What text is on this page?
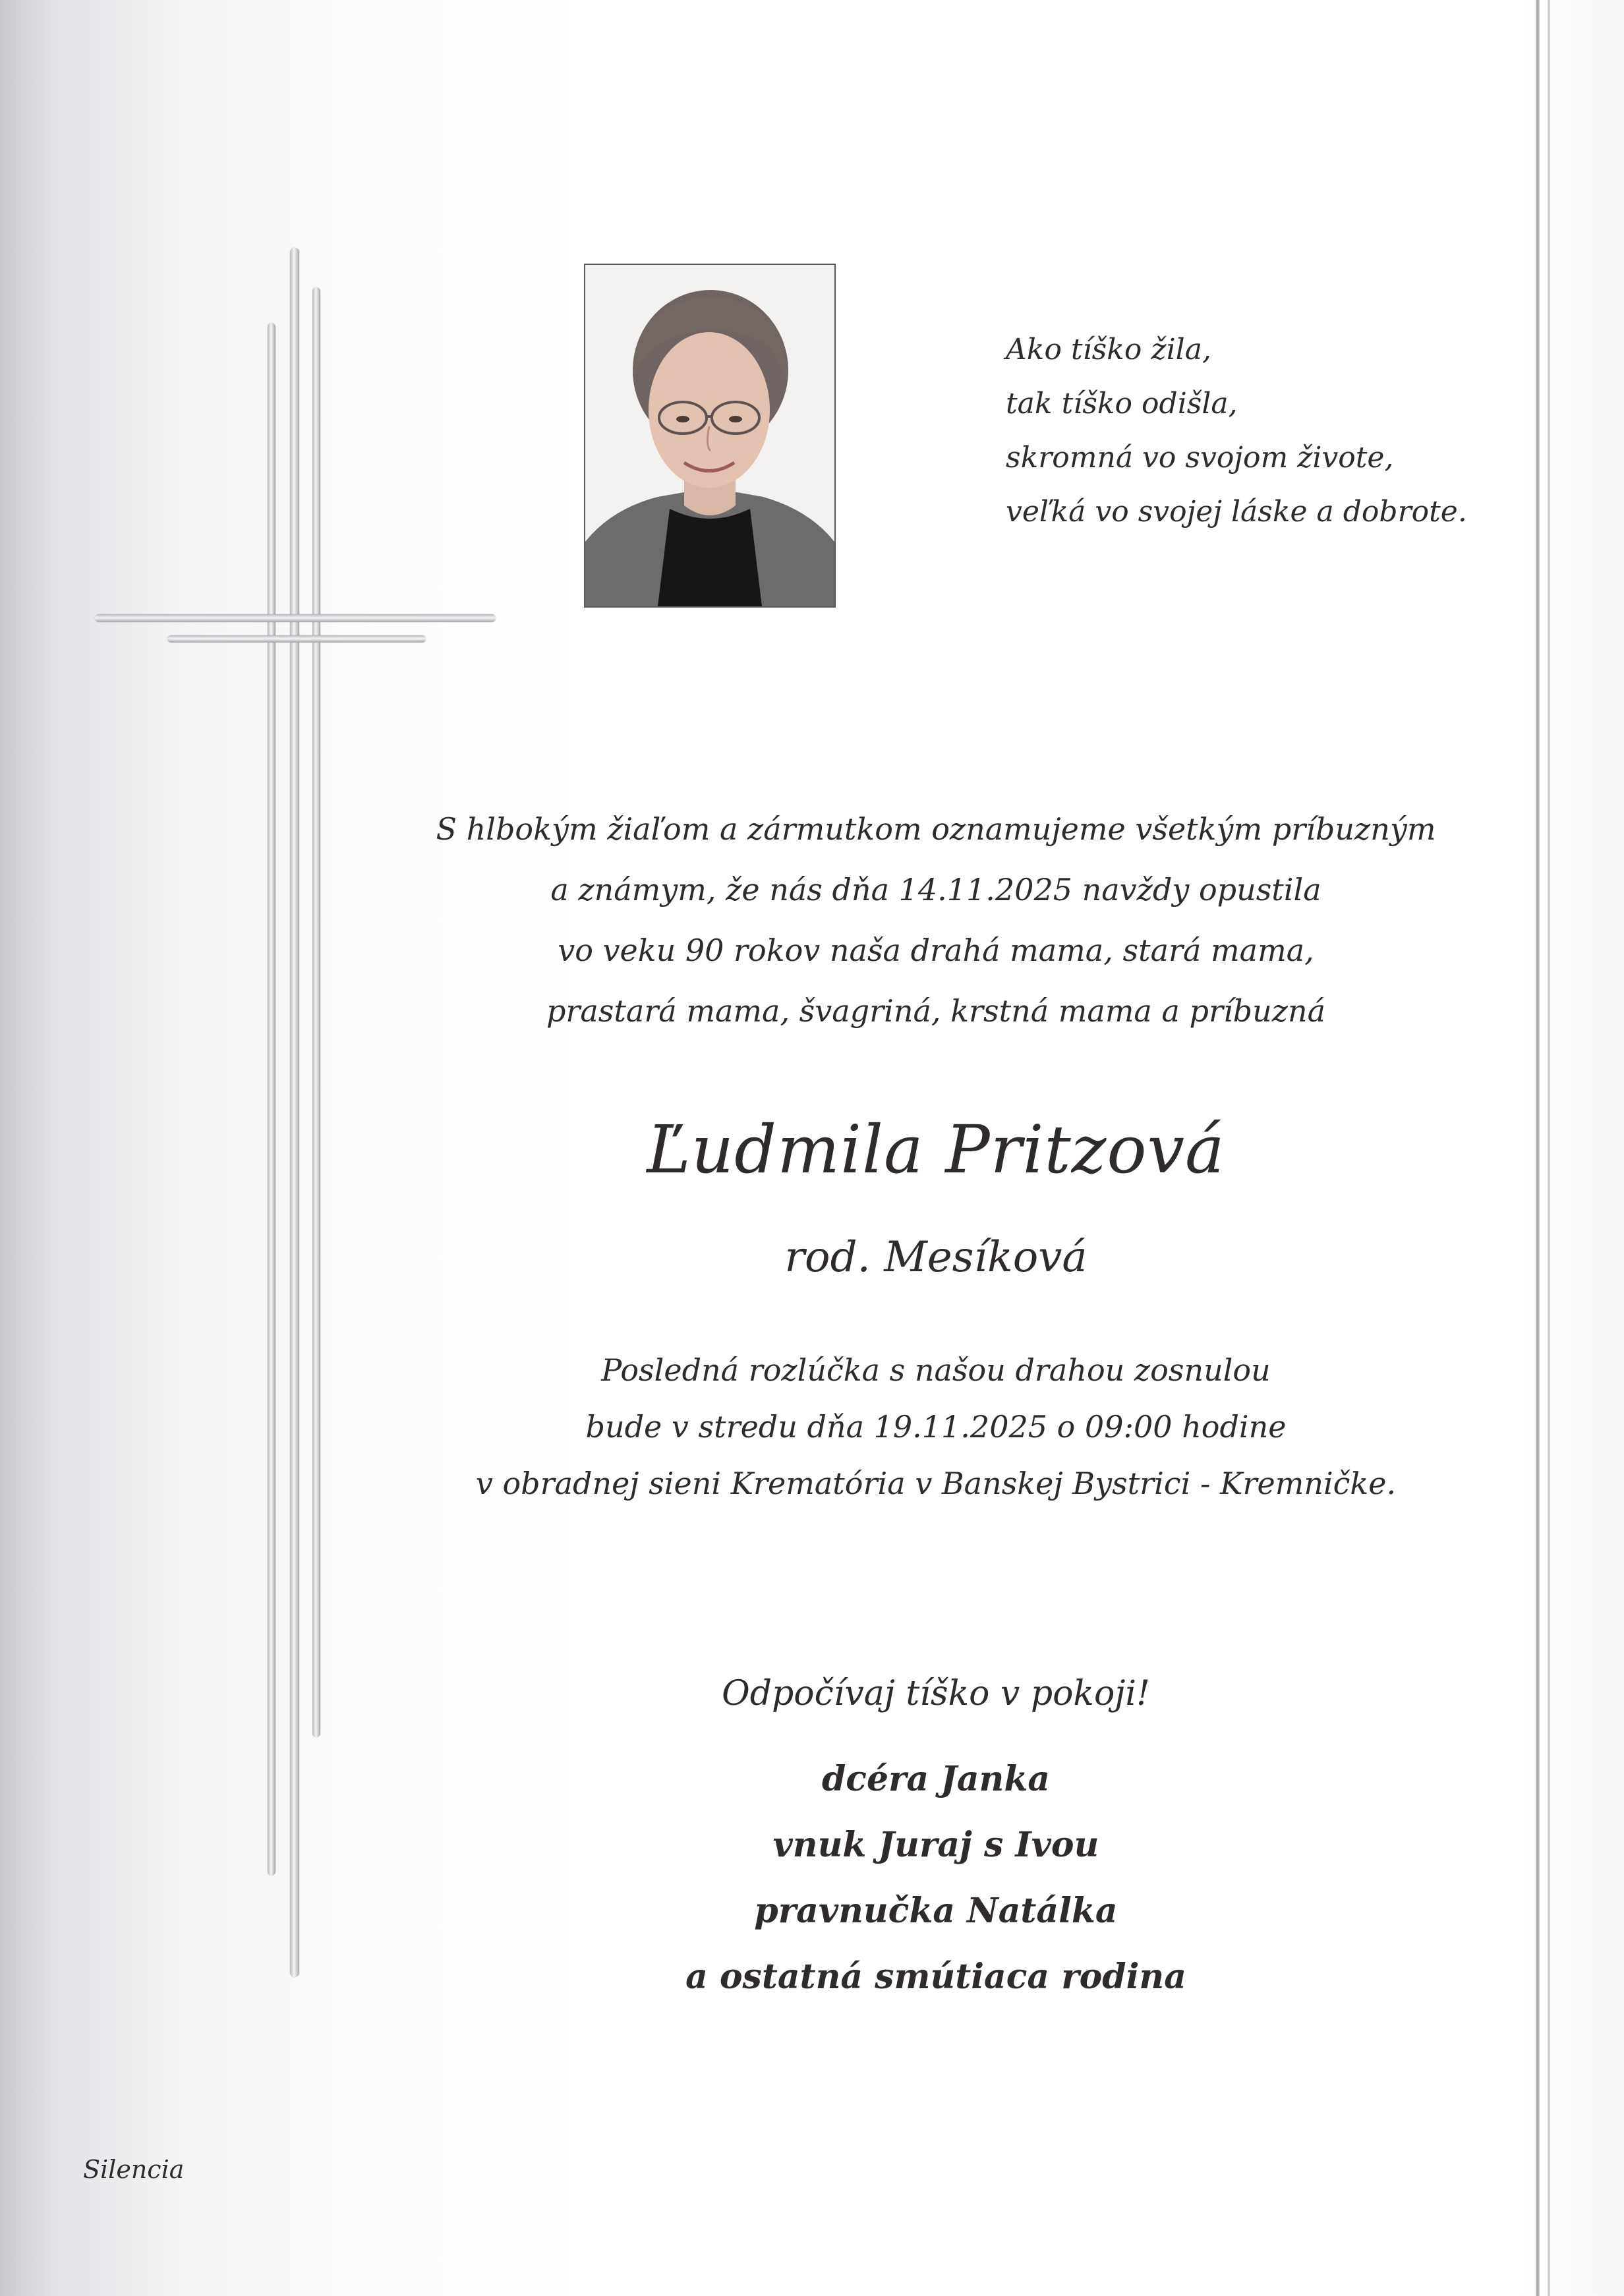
Ako tíško žila,
tak tíško odišla,
skromná vo svojom živote,
veľká vo svojej láske a dobrote.
S hlbokým žiaľom a zármutkom oznamujeme všetkým príbuzným
a známym, že nás dňa 14.11.2025 navždy opustila
vo veku 90 rokov naša drahá mama, stará mama,
prastará mama, švagriná, krstná mama a príbuzná
Ľudmila Pritzová
rod. Mesíková
Posledná rozlúčka s našou drahou zosnulou
bude v stredu dňa 19.11.2025 o 09:00 hodine
v obradnej sieni Krematória v Banskej Bystrici - Kremničke.
Odpočívaj tíško v pokoji!
dcéra Janka
vnuk Juraj s Ivou
pravnučka Natálka
a ostatná smútiaca rodina
Silencia
